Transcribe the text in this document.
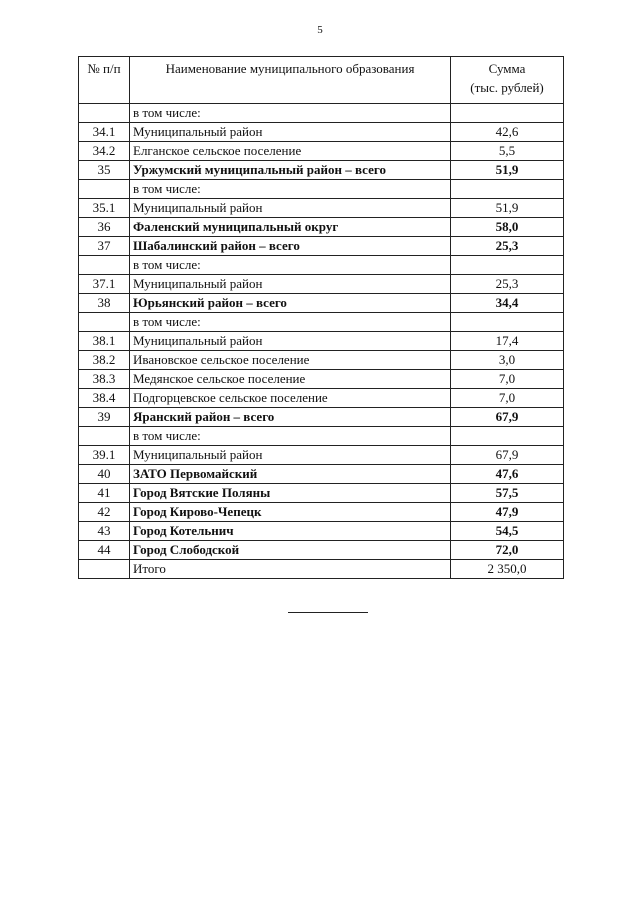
5
№ п/п	Наименование муниципального образования	Сумма
(тыс. рублей)
	в том числе:	
34.1	Муниципальный район	42,6
34.2	Елганское сельское поселение	5,5
35	Уржумский муниципальный район – всего	51,9
	в том числе:	
35.1	Муниципальный район	51,9
36	Фаленский муниципальный округ	58,0
37	Шабалинский район – всего	25,3
	в том числе:	
37.1	Муниципальный район	25,3
38	Юрьянский район – всего	34,4
	в том числе:	
38.1	Муниципальный район	17,4
38.2	Ивановское сельское поселение	3,0
38.3	Медянское сельское поселение	7,0
38.4	Подгорцевское сельское поселение	7,0
39	Яранский район – всего	67,9
	в том числе:	
39.1	Муниципальный район	67,9
40	ЗАТО Первомайский	47,6
41	Город Вятские Поляны	57,5
42	Город Кирово-Чепецк	47,9
43	Город Котельнич	54,5
44	Город Слободской	72,0
	Итого	2 350,0
